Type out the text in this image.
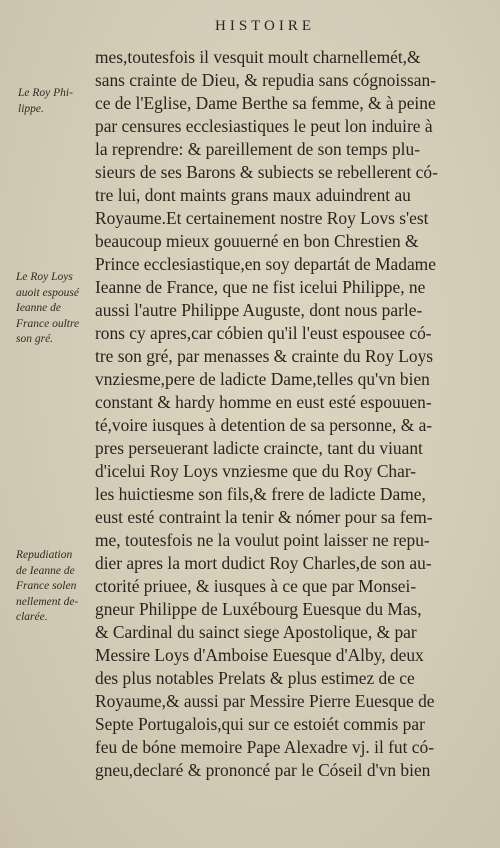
HISTOIRE
Le Roy Phi-
lippe.
Le Roy Loys
auoit espousé
Ieanne de
France oultre
son gré.
Repudiation
de Ieanne de
France solen
nellement de-
clarée.
mes,toutesfois il vesquit moult charnellemét,&
sans crainte de Dieu, & repudia sans cógnoissan-
ce de l'Eglise, Dame Berthe sa femme, & à peine
par censures ecclesiastiques le peut lon induire à
la reprendre: & pareillement de son temps plu-
sieurs de ses Barons & subiects se rebellerent có-
tre lui, dont maints grans maux aduindrent au
Royaume.Et certainement nostre Roy Lovs s'est
beaucoup mieux gouuerné en bon Chrestien &
Prince ecclesiastique,en soy departát de Madame
Ieanne de France, que ne fist icelui Philippe, ne
aussi l'autre Philippe Auguste, dont nous parle-
rons cy apres,car cóbien qu'il l'eust espousee có-
tre son gré, par menasses & crainte du Roy Loys
vnziesme,pere de ladicte Dame,telles qu'vn bien
constant & hardy homme en eust esté espouuen-
té,voire iusques à detention de sa personne, & a-
pres perseuerant ladicte craincte, tant du viuant
d'icelui Roy Loys vnziesme que du Roy Char-
les huictiesme son fils,& frere de ladicte Dame,
eust esté contraint la tenir & nómer pour sa fem-
me, toutesfois ne la voulut point laisser ne repu-
dier apres la mort dudict Roy Charles,de son au-
ctorité priuee, & iusques à ce que par Monsei-
gneur Philippe de Luxébourg Euesque du Mas,
& Cardinal du sainct siege Apostolique, & par
Messire Loys d'Amboise Euesque d'Alby, deux
des plus notables Prelats & plus estimez de ce
Royaume,& aussi par Messire Pierre Euesque de
Septe Portugalois,qui sur ce estoiét commis par
feu de bóne memoire Pape Alexadre vj. il fut có-
gneu,declaré & prononcé par le Cóseil d'vn bien
